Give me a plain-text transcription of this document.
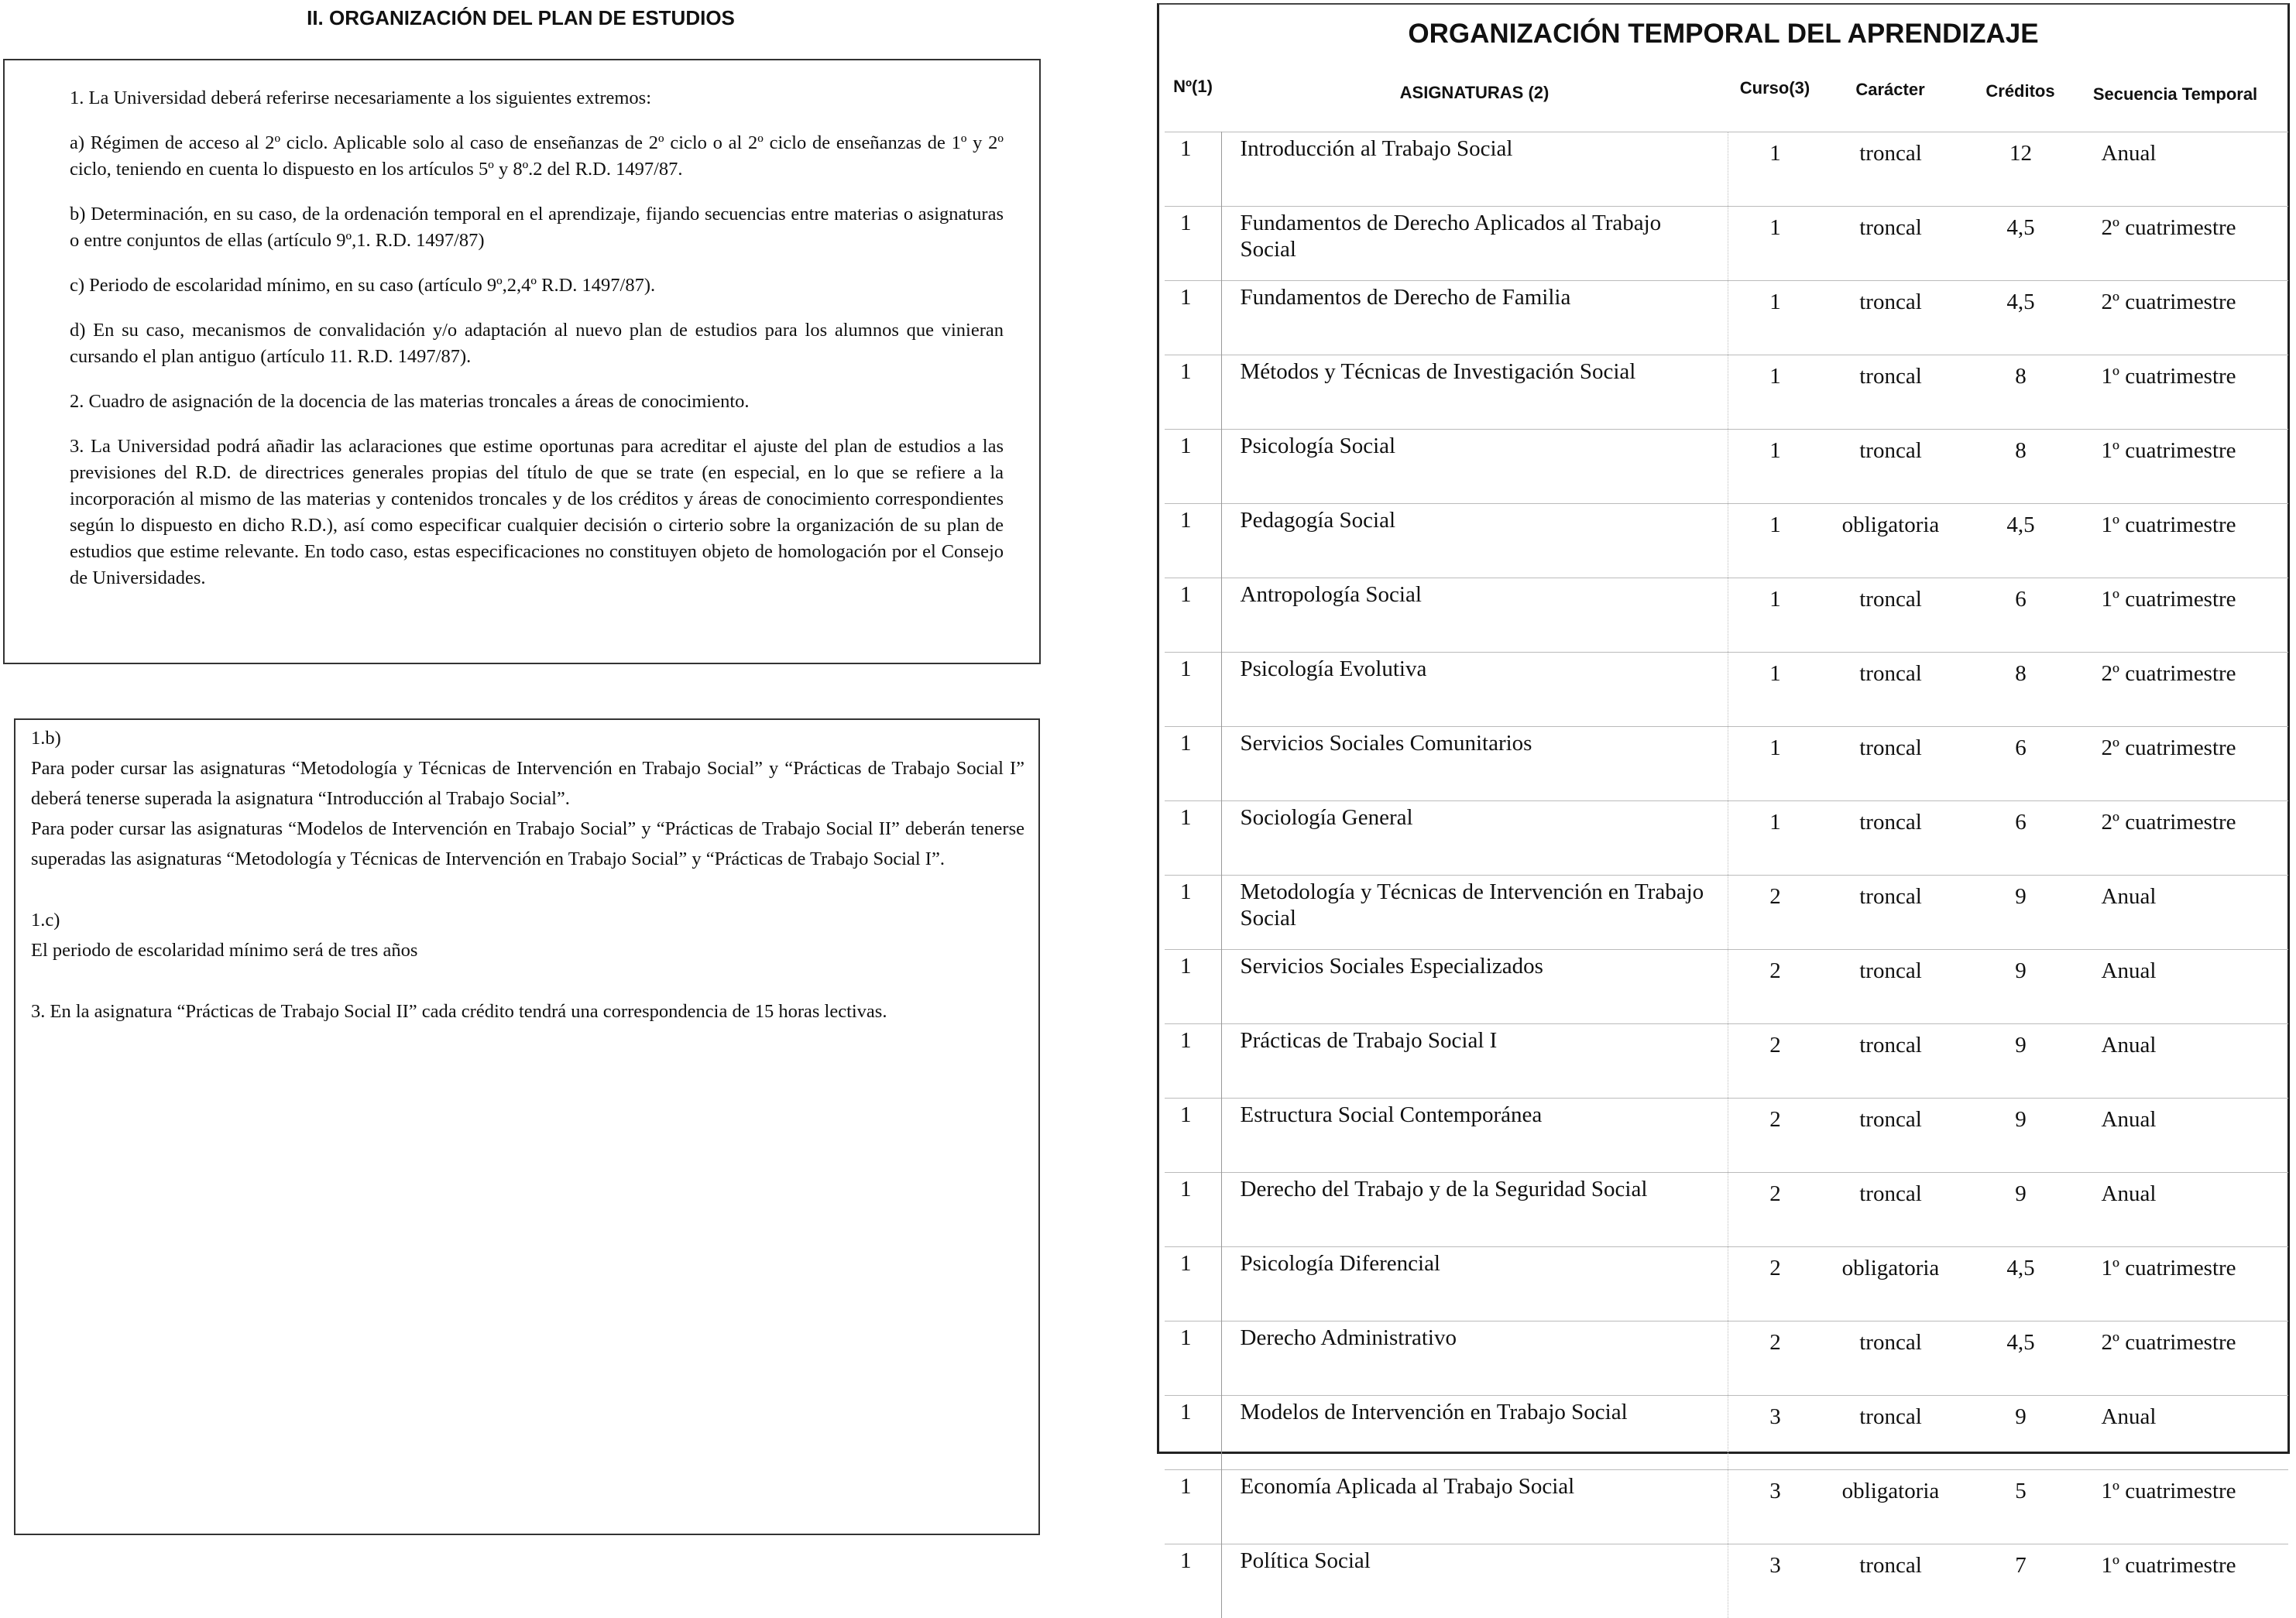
II. ORGANIZACIÓN DEL PLAN DE ESTUDIOS

1. La Universidad deberá referirse necesariamente a los siguientes extremos:

a) Régimen de acceso al 2º ciclo. Aplicable solo al caso de enseñanzas de 2º ciclo o al 2º ciclo de enseñanzas de 1º y 2º ciclo, teniendo en cuenta lo dispuesto en los artículos 5º y 8º.2 del R.D. 1497/87.

b) Determinación, en su caso, de la ordenación temporal en el aprendizaje, fijando secuencias entre materias o asignaturas o entre conjuntos de ellas (artículo 9º,1. R.D. 1497/87)

c) Periodo de escolaridad mínimo, en su caso (artículo 9º,2,4º R.D. 1497/87).

d) En su caso, mecanismos de convalidación y/o adaptación al nuevo plan de estudios para los alumnos que vinieran cursando el plan antiguo (artículo 11. R.D. 1497/87).

2. Cuadro de asignación de la docencia de las materias troncales a áreas de conocimiento.

3. La Universidad podrá añadir las aclaraciones que estime oportunas para acreditar el ajuste del plan de estudios a las previsiones del R.D. de directrices generales propias del título de que se trate (en especial, en lo que se refiere a la incorporación al mismo de las materias y contenidos troncales y de los créditos y áreas de conocimiento correspondientes según lo dispuesto en dicho R.D.), así como especificar cualquier decisión o cirterio sobre la organización de su plan de estudios que estime relevante. En todo caso, estas especificaciones no constituyen objeto de homologación por el Consejo de Universidades.

1.b)

Para poder cursar las asignaturas “Metodología y Técnicas de Intervención en Trabajo Social” y “Prácticas de Trabajo Social I” deberá tenerse superada la asignatura “Introducción al Trabajo Social”.

Para poder cursar las asignaturas “Modelos de Intervención en Trabajo Social” y “Prácticas de Trabajo Social II” deberán tenerse superadas las asignaturas “Metodología y Técnicas de Intervención en Trabajo Social” y “Prácticas de Trabajo Social I”.

1.c)

El periodo de escolaridad mínimo será de tres años

3. En la asignatura “Prácticas de Trabajo Social II” cada crédito tendrá una correspondencia de 15 horas lectivas.

ORGANIZACIÓN TEMPORAL DEL APRENDIZAJE
Nº(1)	ASIGNATURAS (2)	Curso(3)	Carácter	Créditos	Secuencia Temporal
1	Introducción al Trabajo Social	1	troncal	12	Anual
1	Fundamentos de Derecho Aplicados al Trabajo Social	1	troncal	4,5	2º cuatrimestre
1	Fundamentos de Derecho de Familia	1	troncal	4,5	2º cuatrimestre
1	Métodos y Técnicas de Investigación Social	1	troncal	8	1º cuatrimestre
1	Psicología Social	1	troncal	8	1º cuatrimestre
1	Pedagogía Social	1	obligatoria	4,5	1º cuatrimestre
1	Antropología Social	1	troncal	6	1º cuatrimestre
1	Psicología Evolutiva	1	troncal	8	2º cuatrimestre
1	Servicios Sociales Comunitarios	1	troncal	6	2º cuatrimestre
1	Sociología General	1	troncal	6	2º cuatrimestre
1	Metodología y Técnicas de Intervención en Trabajo Social	2	troncal	9	Anual
1	Servicios Sociales Especializados	2	troncal	9	Anual
1	Prácticas de Trabajo Social I	2	troncal	9	Anual
1	Estructura Social Contemporánea	2	troncal	9	Anual
1	Derecho del Trabajo y de la Seguridad Social	2	troncal	9	Anual
1	Psicología Diferencial	2	obligatoria	4,5	1º cuatrimestre
1	Derecho Administrativo	2	troncal	4,5	2º cuatrimestre
1	Modelos de Intervención en Trabajo Social	3	troncal	9	Anual
1	Economía Aplicada al Trabajo Social	3	obligatoria	5	1º cuatrimestre
1	Política Social	3	troncal	7	1º cuatrimestre
